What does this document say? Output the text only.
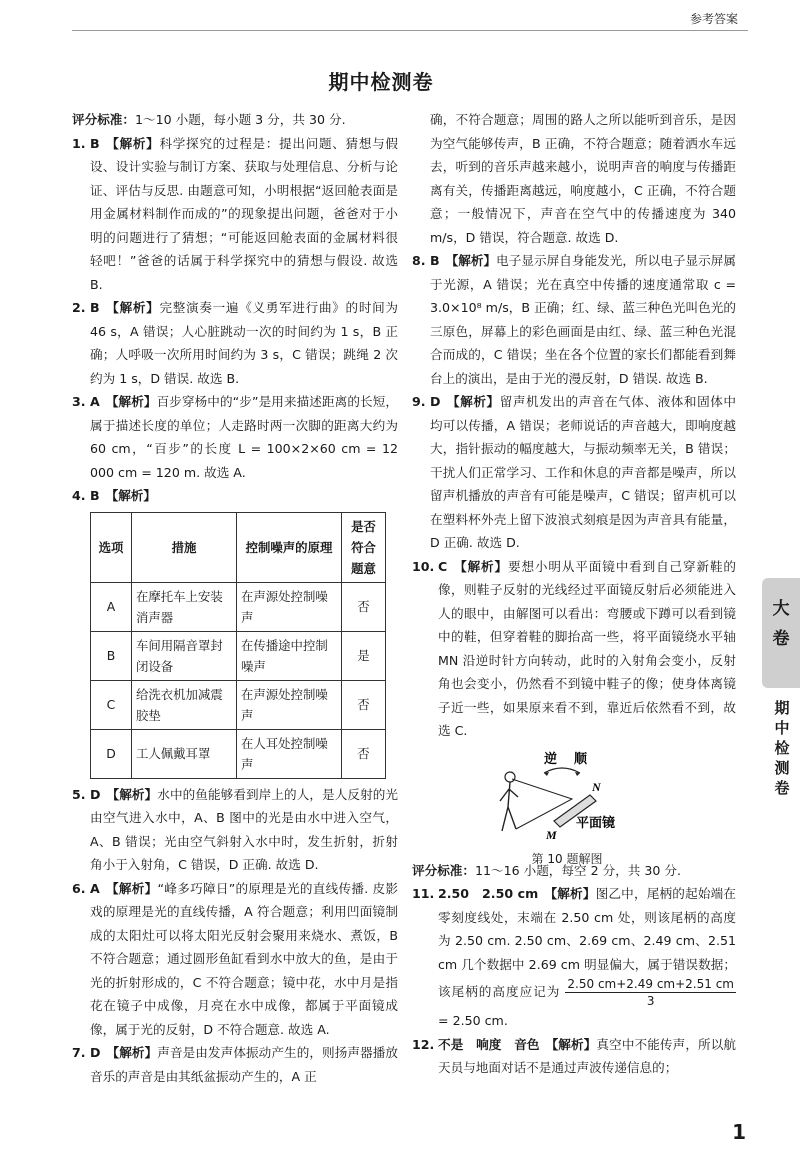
参考答案
期中检测卷

评分标准：1～10 小题，每小题 3 分，共 30 分.

1. B 【解析】科学探究的过程是：提出问题、猜想与假设、设计实验与制订方案、获取与处理信息、分析与论证、评估与反思. 由题意可知，小明根据“返回舱表面是用金属材料制作而成的”的现象提出问题，爸爸对于小明的问题进行了猜想；“可能返回舱表面的金属材料很轻吧！”爸爸的话属于科学探究中的猜想与假设. 故选 B.
2. B 【解析】完整演奏一遍《义勇军进行曲》的时间为 46 s，A 错误；人心脏跳动一次的时间约为 1 s，B 正确；人呼吸一次所用时间约为 3 s，C 错误；跳绳 2 次约为 1 s，D 错误. 故选 B.
3. A 【解析】百步穿杨中的“步”是用来描述距离的长短，属于描述长度的单位；人走路时两一次脚的距离大约为 60 cm，“百步”的长度 L = 100×2×60 cm = 12 000 cm = 120 m. 故选 A.
4. B 【解析】
选项	措施	控制噪声的原理	是否符合题意
A	在摩托车上安装消声器	在声源处控制噪声	否
B	车间用隔音罩封闭设备	在传播途中控制噪声	是
C	给洗衣机加减震胶垫	在声源处控制噪声	否
D	工人佩戴耳罩	在人耳处控制噪声	否
5. D 【解析】水中的鱼能够看到岸上的人，是人反射的光由空气进入水中，A、B 图中的光是由水中进入空气，A、B 错误；光由空气斜射入水中时，发生折射，折射角小于入射角，C 错误，D 正确. 故选 D.
6. A 【解析】“峰多巧障日”的原理是光的直线传播. 皮影戏的原理是光的直线传播，A 符合题意；利用凹面镜制成的太阳灶可以将太阳光反射会聚用来烧水、煮饭，B 不符合题意；通过圆形鱼缸看到水中放大的鱼，是由于光的折射形成的，C 不符合题意；镜中花，水中月是指花在镜子中成像，月亮在水中成像，都属于平面镜成像，属于光的反射，D 不符合题意. 故选 A.
7. D 【解析】声音是由发声体振动产生的，则扬声器播放音乐的声音是由其纸盆振动产生的，A 正

确，不符合题意；周围的路人之所以能听到音乐，是因为空气能够传声，B 正确，不符合题意；随着洒水车远去，听到的音乐声越来越小，说明声音的响度与传播距离有关，传播距离越远，响度越小，C 正确，不符合题意；一般情况下，声音在空气中的传播速度为 340 m/s，D 错误，符合题意. 故选 D.

8. B 【解析】电子显示屏自身能发光，所以电子显示屏属于光源，A 错误；光在真空中传播的速度通常取 c = 3.0×10⁸ m/s，B 正确；红、绿、蓝三种色光叫色光的三原色，屏幕上的彩色画面是由红、绿、蓝三种色光混合而成的，C 错误；坐在各个位置的家长们都能看到舞台上的演出，是由于光的漫反射，D 错误. 故选 B.
9. D 【解析】留声机发出的声音在气体、液体和固体中均可以传播，A 错误；老师说话的声音越大，即响度越大，指针振动的幅度越大，与振动频率无关，B 错误；干扰人们正常学习、工作和休息的声音都是噪声，所以留声机播放的声音有可能是噪声，C 错误；留声机可以在塑料杯外壳上留下波浪式刻痕是因为声音具有能量，D 正确. 故选 D.
10. C 【解析】要想小明从平面镜中看到自己穿新鞋的像，则鞋子反射的光线经过平面镜反射后必须能进入人的眼中，由解图可以看出：弯腰或下蹲可以看到镜中的鞋，但穿着鞋的脚抬高一些，将平面镜绕水平轴 MN 沿逆时针方向转动，此时的入射角会变小，反射角也会变小，仍然看不到镜中鞋子的像；使身体离镜子近一些，如果原来看不到，靠近后依然看不到，故选 C.
逆 顺
N
M
平面镜

第 10 题解图

评分标准：11～16 小题，每空 2 分，共 30 分.

11. 2.50　2.50 cm 【解析】图乙中，尾柄的起始端在零刻度线处，末端在 2.50 cm 处，则该尾柄的高度为 2.50 cm. 2.50 cm、2.69 cm、2.49 cm、2.51 cm 几个数据中 2.69 cm 明显偏大，属于错误数据；该尾柄的高度应记为 $\frac{2.50 cm+2.49 cm+2.51 cm}{3}$
= 2.50 cm.
12. 不是　响度　音色 【解析】真空中不能传声，所以航天员与地面对话不是通过声波传递信息的；
大
卷
期中检测卷
1
